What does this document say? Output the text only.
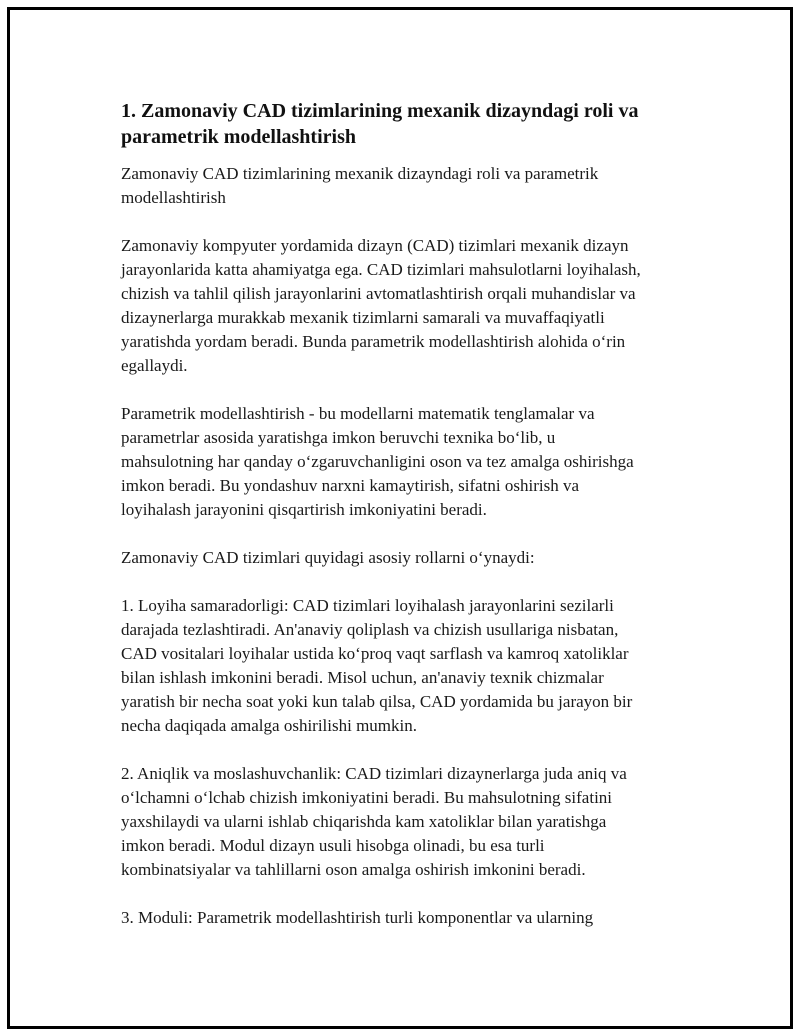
1. Zamonaviy CAD tizimlarining mexanik dizayndagi roli va
parametrik modellashtirish
Zamonaviy CAD tizimlarining mexanik dizayndagi roli va parametrik
modellashtirish
Zamonaviy kompyuter yordamida dizayn (CAD) tizimlari mexanik dizayn
jarayonlarida katta ahamiyatga ega. CAD tizimlari mahsulotlarni loyihalash,
chizish va tahlil qilish jarayonlarini avtomatlashtirish orqali muhandislar va
dizaynerlarga murakkab mexanik tizimlarni samarali va muvaffaqiyatli
yaratishda yordam beradi. Bunda parametrik modellashtirish alohida o‘rin
egallaydi.
Parametrik modellashtirish - bu modellarni matematik tenglamalar va
parametrlar asosida yaratishga imkon beruvchi texnika bo‘lib, u
mahsulotning har qanday o‘zgaruvchanligini oson va tez amalga oshirishga
imkon beradi. Bu yondashuv narxni kamaytirish, sifatni oshirish va
loyihalash jarayonini qisqartirish imkoniyatini beradi.
Zamonaviy CAD tizimlari quyidagi asosiy rollarni o‘ynaydi:
1. Loyiha samaradorligi: CAD tizimlari loyihalash jarayonlarini sezilarli
darajada tezlashtiradi. An'anaviy qoliplash va chizish usullariga nisbatan,
CAD vositalari loyihalar ustida ko‘proq vaqt sarflash va kamroq xatoliklar
bilan ishlash imkonini beradi. Misol uchun, an'anaviy texnik chizmalar
yaratish bir necha soat yoki kun talab qilsa, CAD yordamida bu jarayon bir
necha daqiqada amalga oshirilishi mumkin.
2. Aniqlik va moslashuvchanlik: CAD tizimlari dizaynerlarga juda aniq va
o‘lchamni o‘lchab chizish imkoniyatini beradi. Bu mahsulotning sifatini
yaxshilaydi va ularni ishlab chiqarishda kam xatoliklar bilan yaratishga
imkon beradi. Modul dizayn usuli hisobga olinadi, bu esa turli
kombinatsiyalar va tahlillarni oson amalga oshirish imkonini beradi.
3. Moduli: Parametrik modellashtirish turli komponentlar va ularning
